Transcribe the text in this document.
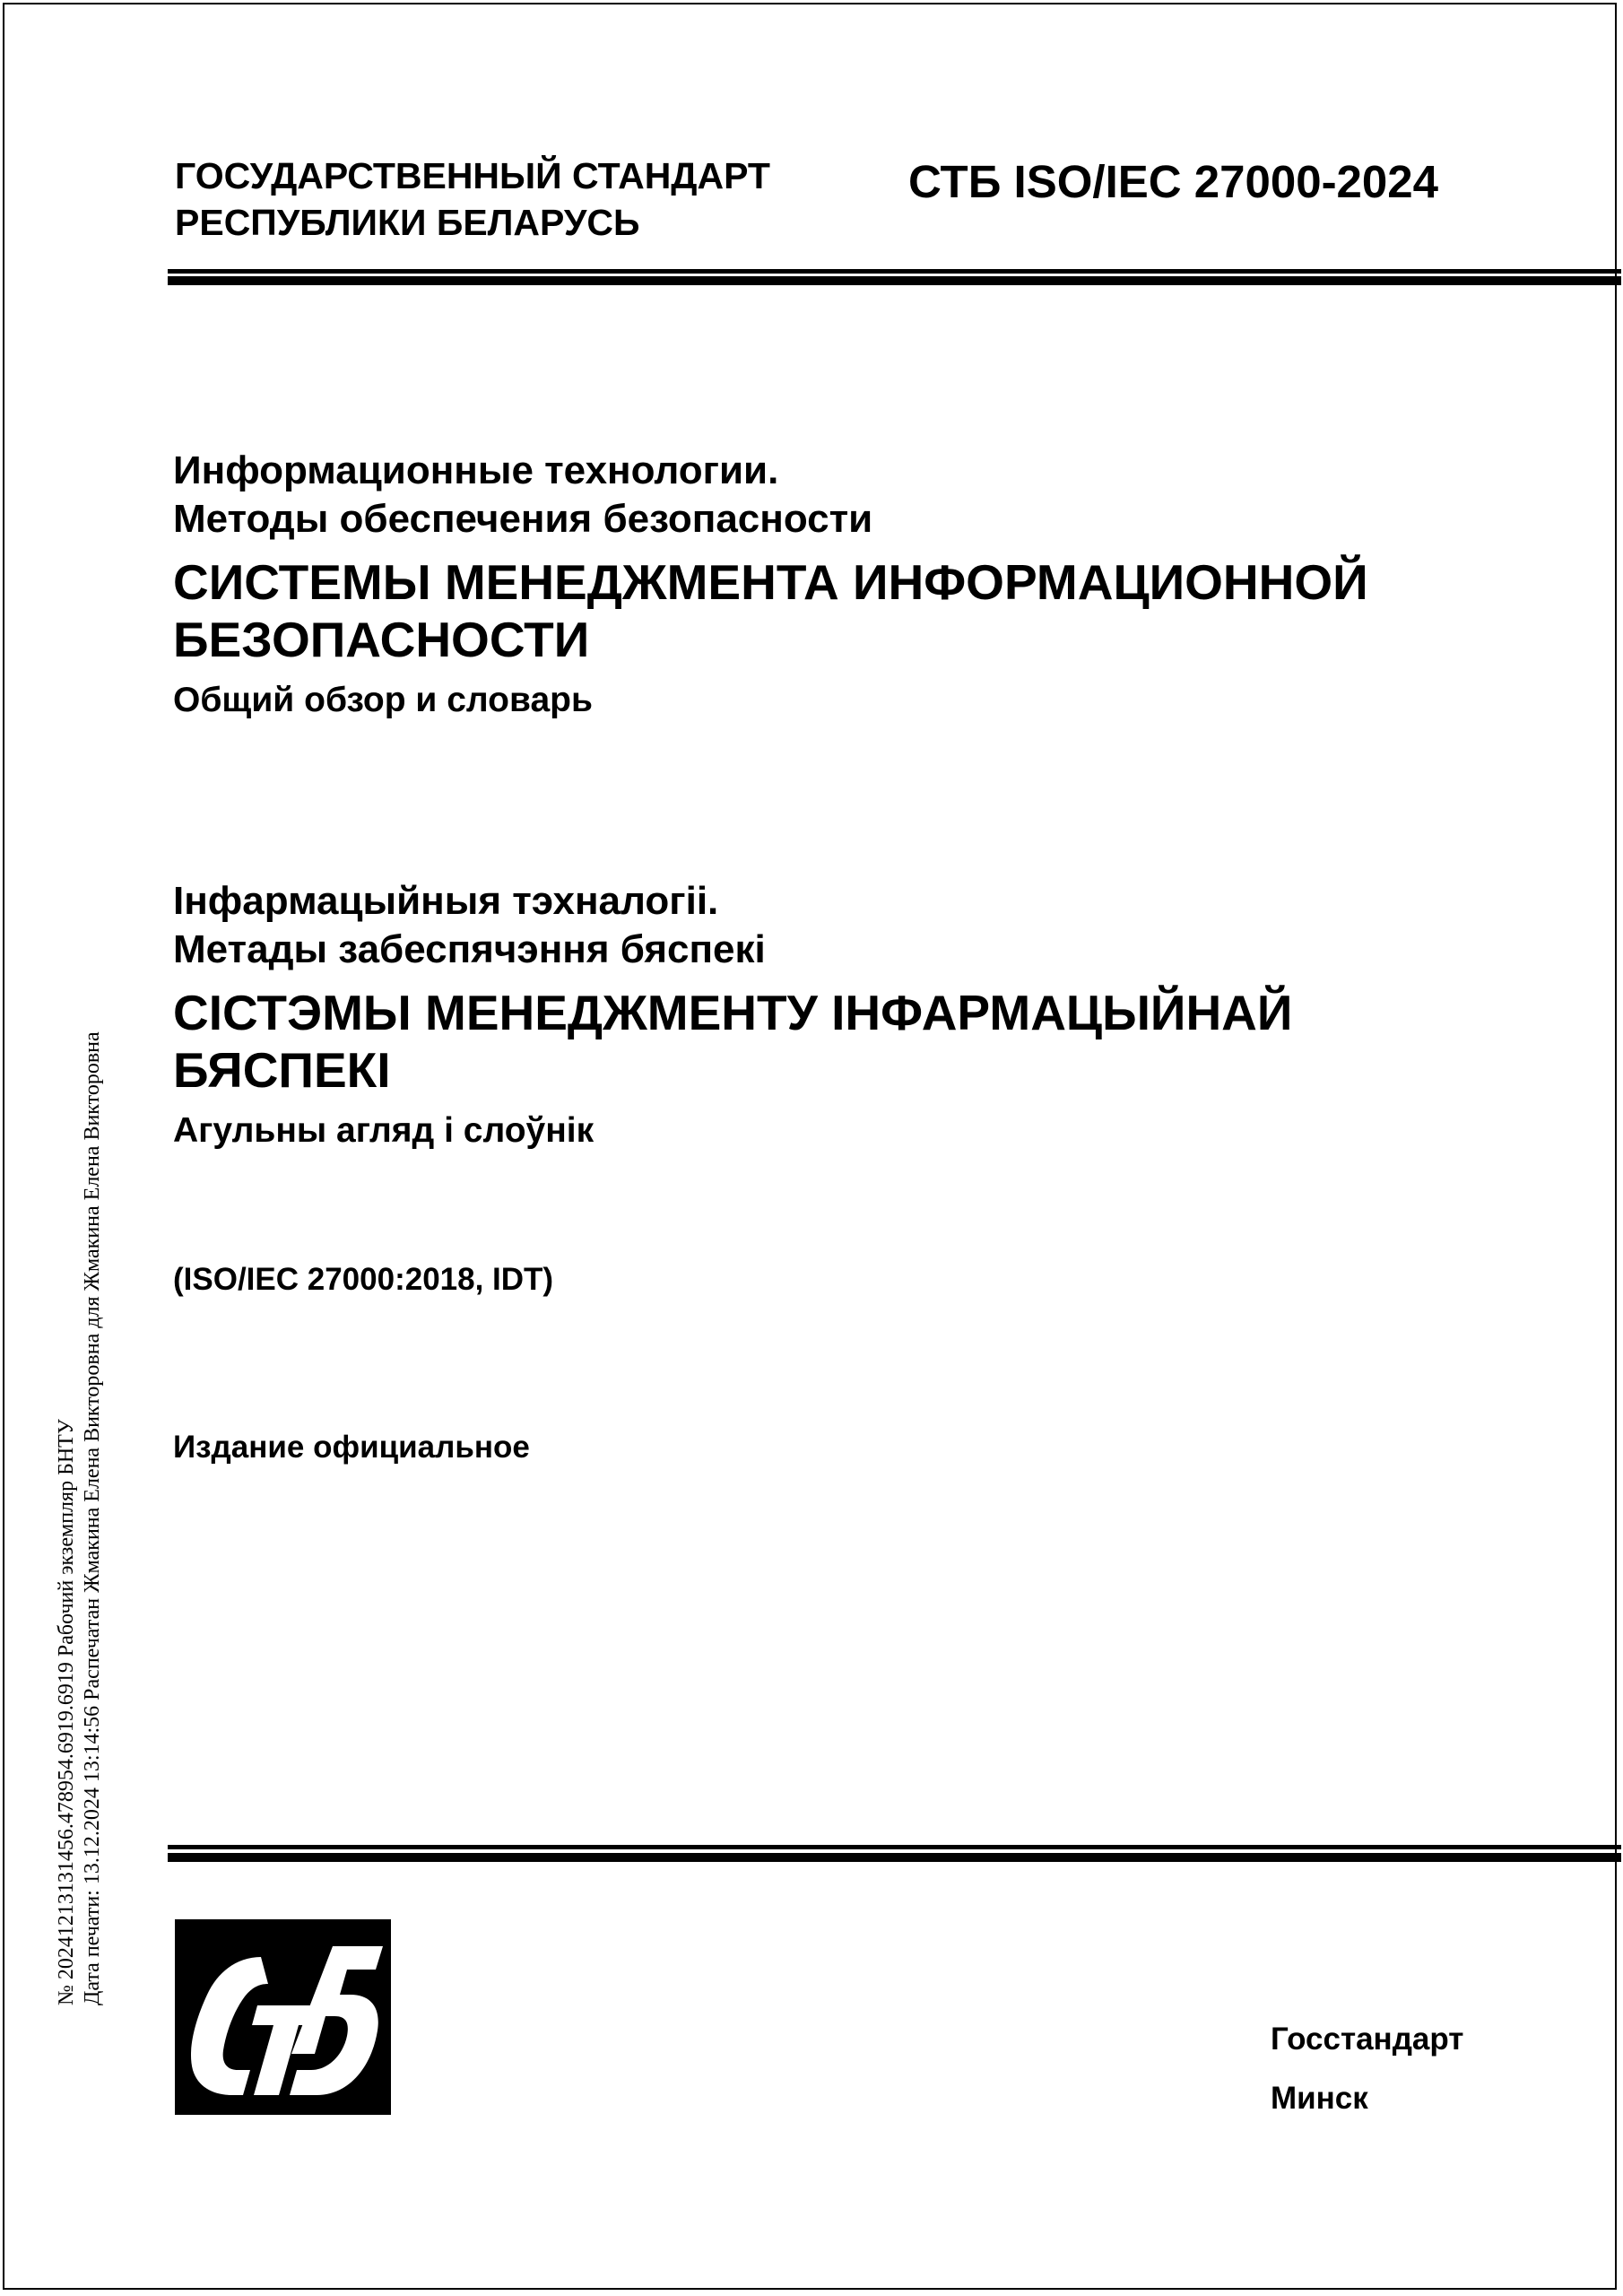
ГОСУДАРСТВЕННЫЙ СТАНДАРТ
РЕСПУБЛИКИ БЕЛАРУСЬ
СТБ ISO/IEC 27000-2024
Информационные технологии.
Методы обеспечения безопасности
СИСТЕМЫ МЕНЕДЖМЕНТА ИНФОРМАЦИОННОЙ
БЕЗОПАСНОСТИ
Общий обзор и словарь
Інфармацыйныя тэхналогіі.
Метады забеспячэння бяспекі
СІСТЭМЫ МЕНЕДЖМЕНТУ ІНФАРМАЦЫЙНАЙ
БЯСПЕКІ
Агульны агляд і слоўнік
(ISO/IEC 27000:2018, IDT)
Издание официальное
№ 20241213131456.478954.6919.6919 Рабочий экземпляр БНТУ Дата печати: 13.12.2024 13:14:56 Распечатан Жмакина Елена Викторовна для Жмакина Елена Викторовна
Госстандарт
Минск
